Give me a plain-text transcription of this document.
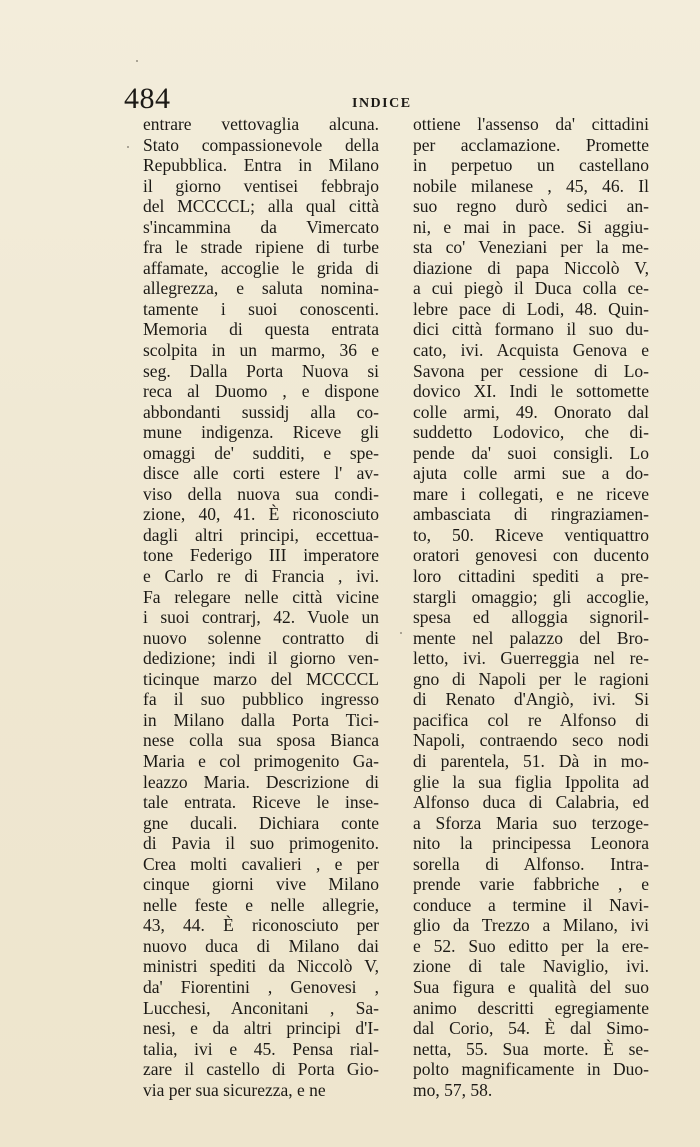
484	INDICE
entrare vettovaglia alcuna.
Stato compassionevole della
Repubblica. Entra in Milano
il giorno ventisei febbrajo
del MCCCCL; alla qual città
s'incammina da Vimercato
fra le strade ripiene di turbe
affamate, accoglie le grida di
allegrezza, e saluta nomina-
tamente i suoi conoscenti.
Memoria di questa entrata
scolpita in un marmo, 36 e
seg. Dalla Porta Nuova si
reca al Duomo , e dispone
abbondanti sussidj alla co-
mune indigenza. Riceve gli
omaggi de' sudditi, e spe-
disce alle corti estere l' av-
viso della nuova sua condi-
zione, 40, 41. È riconosciuto
dagli altri principi, eccettua-
tone Federigo III imperatore
e Carlo re di Francia , ivi.
Fa relegare nelle città vicine
i suoi contrarj, 42. Vuole un
nuovo solenne contratto di
dedizione; indi il giorno ven-
ticinque marzo del MCCCCL
fa il suo pubblico ingresso
in Milano dalla Porta Tici-
nese colla sua sposa Bianca
Maria e col primogenito Ga-
leazzo Maria. Descrizione di
tale entrata. Riceve le inse-
gne ducali. Dichiara conte
di Pavia il suo primogenito.
Crea molti cavalieri , e per
cinque giorni vive Milano
nelle feste e nelle allegrie,
43, 44. È riconosciuto per
nuovo duca di Milano dai
ministri spediti da Niccolò V,
da' Fiorentini , Genovesi ,
Lucchesi, Anconitani , Sa-
nesi, e da altri principi d'I-
talia, ivi e 45. Pensa rial-
zare il castello di Porta Gio-
via per sua sicurezza, e ne
ottiene l'assenso da' cittadini
per acclamazione. Promette
in perpetuo un castellano
nobile milanese , 45, 46. Il
suo regno durò sedici an-
ni, e mai in pace. Si aggiu-
sta co' Veneziani per la me-
diazione di papa Niccolò V,
a cui piegò il Duca colla ce-
lebre pace di Lodi, 48. Quin-
dici città formano il suo du-
cato, ivi. Acquista Genova e
Savona per cessione di Lo-
dovico XI. Indi le sottomette
colle armi, 49. Onorato dal
suddetto Lodovico, che di-
pende da' suoi consigli. Lo
ajuta colle armi sue a do-
mare i collegati, e ne riceve
ambasciata di ringraziamen-
to, 50. Riceve ventiquattro
oratori genovesi con ducento
loro cittadini spediti a pre-
stargli omaggio; gli accoglie,
spesa ed alloggia signoril-
mente nel palazzo del Bro-
letto, ivi. Guerreggia nel re-
gno di Napoli per le ragioni
di Renato d'Angiò, ivi. Si
pacifica col re Alfonso di
Napoli, contraendo seco nodi
di parentela, 51. Dà in mo-
glie la sua figlia Ippolita ad
Alfonso duca di Calabria, ed
a Sforza Maria suo terzoge-
nito la principessa Leonora
sorella di Alfonso. Intra-
prende varie fabbriche , e
conduce a termine il Navi-
glio da Trezzo a Milano, ivi
e 52. Suo editto per la ere-
zione di tale Naviglio, ivi.
Sua figura e qualità del suo
animo descritti egregiamente
dal Corio, 54. È dal Simo-
netta, 55. Sua morte. È se-
polto magnificamente in Duo-
mo, 57, 58.
